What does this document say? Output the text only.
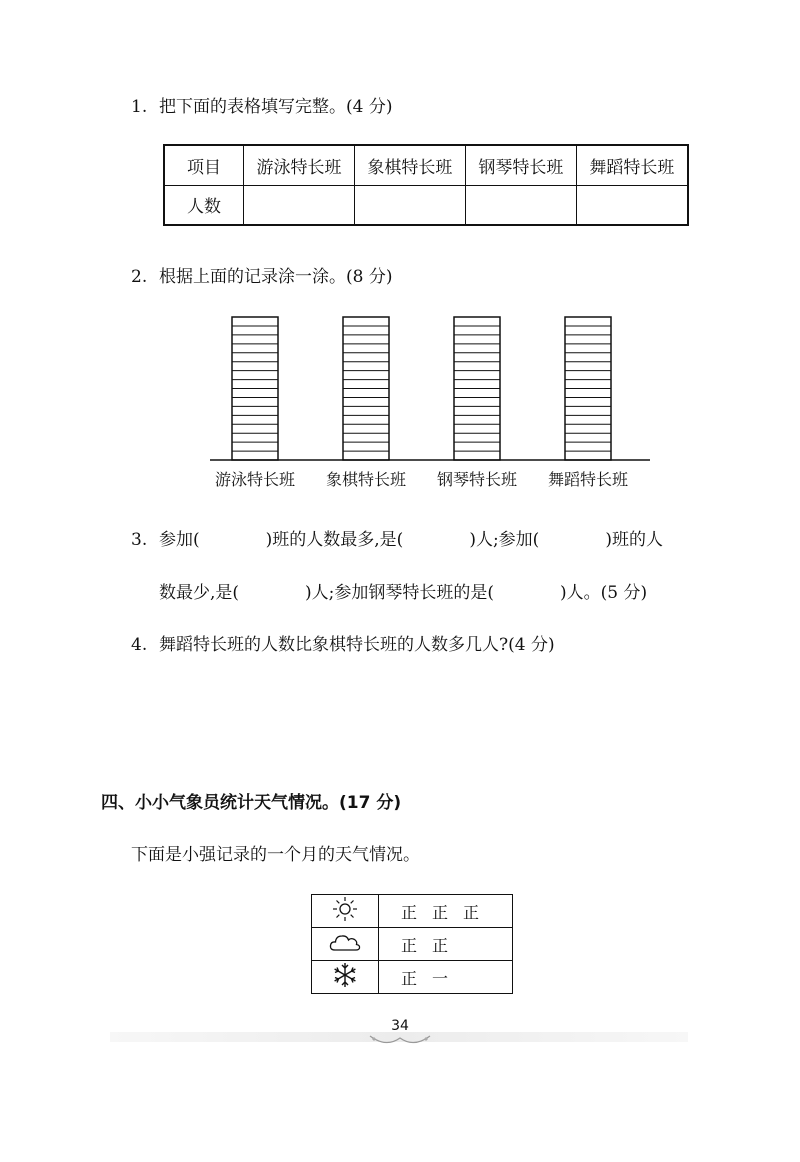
1. 把下面的表格填写完整。(4 分)
项目	游泳特长班	象棋特长班	钢琴特长班	舞蹈特长班
人数				
2. 根据上面的记录涂一涂。(8 分)
游泳特长班 象棋特长班 钢琴特长班 舞蹈特长班
3. 参加(	)班的人数最多,是(	)人;参加(	)班的人
数最少,是(	)人;参加钢琴特长班的是(	)人。(5 分)
4. 舞蹈特长班的人数比象棋特长班的人数多几人?(4 分)
四、小小气象员统计天气情况。(17 分)
下面是小强记录的一个月的天气情况。
	正 正 正
	正 正
	正 一
34
